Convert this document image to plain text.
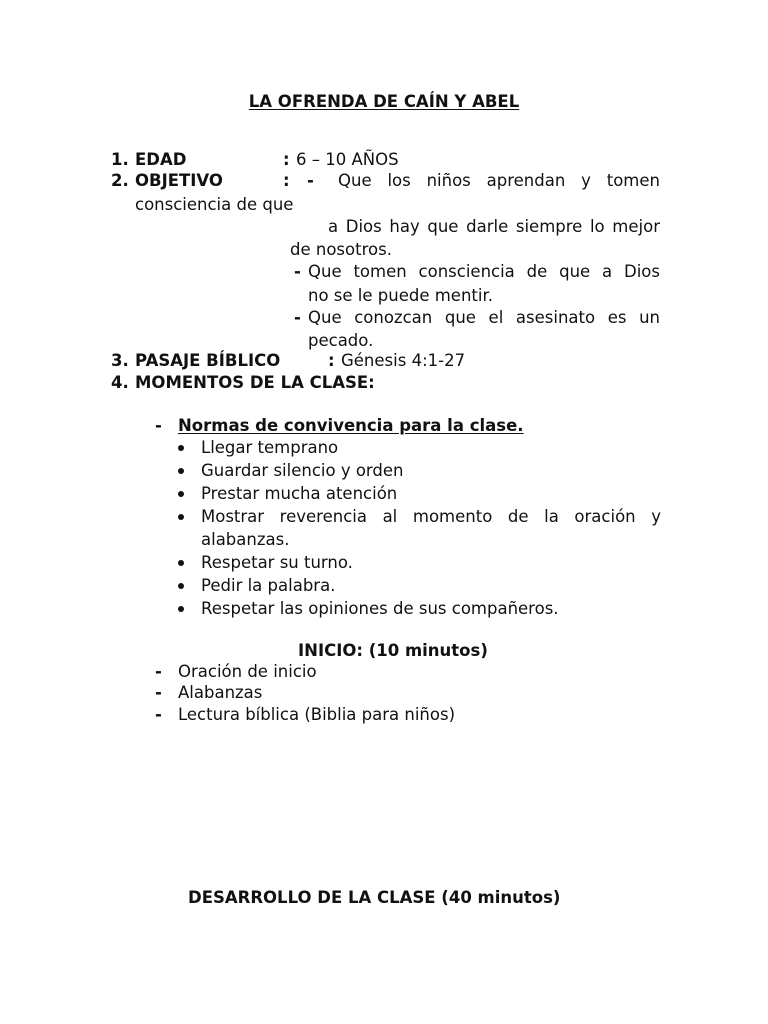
LA OFRENDA DE CAÍN Y ABEL
1. EDAD	: 6 – 10 AÑOS
2. OBJETIVO	: - Que los niños aprendan y tomen
consciencia de que
a Dios hay que darle siempre lo mejor
de nosotros.
- Que tomen consciencia de que a Dios
no se le puede mentir.
- Que conozcan que el asesinato es un
pecado.
3. PASAJE BÍBLICO	: Génesis 4:1-27
4. MOMENTOS DE LA CLASE:
- Normas de convivencia para la clase.
Llegar temprano
Guardar silencio y orden
Prestar mucha atención
Mostrar reverencia al momento de la oración y
alabanzas.
Respetar su turno.
Pedir la palabra.
Respetar las opiniones de sus compañeros.
INICIO: (10 minutos)
- Oración de inicio
- Alabanzas
- Lectura bíblica (Biblia para niños)
DESARROLLO DE LA CLASE (40 minutos)
